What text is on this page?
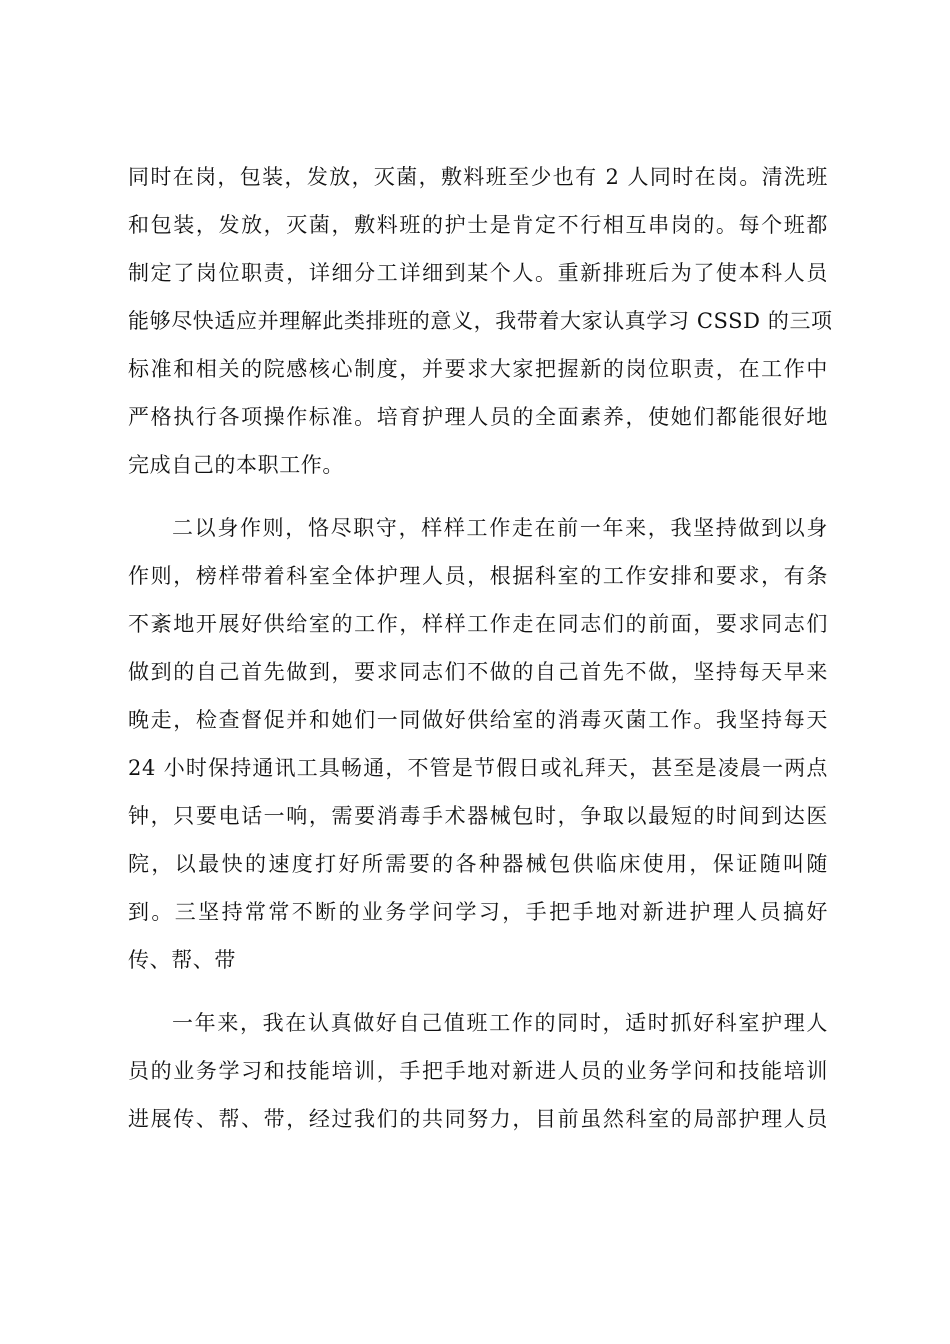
同时在岗，包装，发放，灭菌，敷料班至少也有 2 人同时在岗。清洗班
和包装，发放，灭菌，敷料班的护士是肯定不行相互串岗的。每个班都
制定了岗位职责，详细分工详细到某个人。重新排班后为了使本科人员
能够尽快适应并理解此类排班的意义，我带着大家认真学习 CSSD 的三项
标准和相关的院感核心制度，并要求大家把握新的岗位职责，在工作中
严格执行各项操作标准。培育护理人员的全面素养，使她们都能很好地
完成自己的本职工作。
二以身作则，恪尽职守，样样工作走在前一年来，我坚持做到以身
作则，榜样带着科室全体护理人员，根据科室的工作安排和要求，有条
不紊地开展好供给室的工作，样样工作走在同志们的前面，要求同志们
做到的自己首先做到，要求同志们不做的自己首先不做，坚持每天早来
晚走，检查督促并和她们一同做好供给室的消毒灭菌工作。我坚持每天
24 小时保持通讯工具畅通，不管是节假日或礼拜天，甚至是凌晨一两点
钟，只要电话一响，需要消毒手术器械包时，争取以最短的时间到达医
院，以最快的速度打好所需要的各种器械包供临床使用，保证随叫随
到。三坚持常常不断的业务学问学习，手把手地对新进护理人员搞好
传、帮、带
一年来，我在认真做好自己值班工作的同时，适时抓好科室护理人
员的业务学习和技能培训，手把手地对新进人员的业务学问和技能培训
进展传、帮、带，经过我们的共同努力，目前虽然科室的局部护理人员
